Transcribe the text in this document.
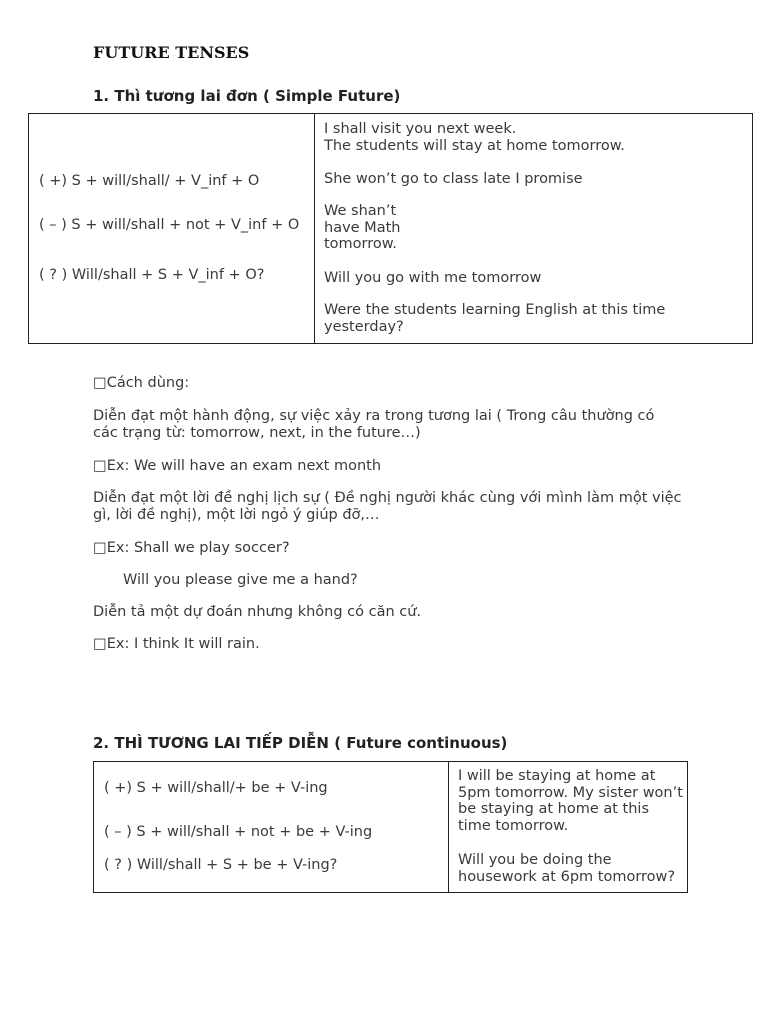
FUTURE TENSES
1. Thì tương lai đơn ( Simple Future)

( +) S + will/shall/ + V_inf + O

( – ) S + will/shall + not + V_inf + O

( ? ) Will/shall + S + V_inf + O?

I shall visit you next week.
The students will stay at home tomorrow.

She won’t go to class late I promise

We shan’t
have Math
tomorrow.

Will you go with me tomorrow

Were the students learning English at this time yesterday?

□Cách dùng:

Diễn đạt một hành động, sự việc xảy ra trong tương lai ( Trong câu thường có các trạng từ: tomorrow, next, in the future…)

□Ex: We will have an exam next month

Diễn đạt một lời đề nghị lịch sự ( Đề nghị người khác cùng với mình làm một việc gì, lời đề nghị), một lời ngỏ ý giúp đỡ,…

□Ex: Shall we play soccer?

Will you please give me a hand?

Diễn tả một dự đoán nhưng không có căn cứ.

□Ex: I think It will rain.
2. THÌ TƯƠNG LAI TIẾP DIỄN ( Future continuous)

( +) S + will/shall/+ be + V-ing

( – ) S + will/shall + not + be + V-ing

( ? ) Will/shall + S + be + V-ing?

I will be staying at home at 5pm tomorrow. My sister won’t be staying at home at this time tomorrow.

Will you be doing the housework at 6pm tomorrow?
